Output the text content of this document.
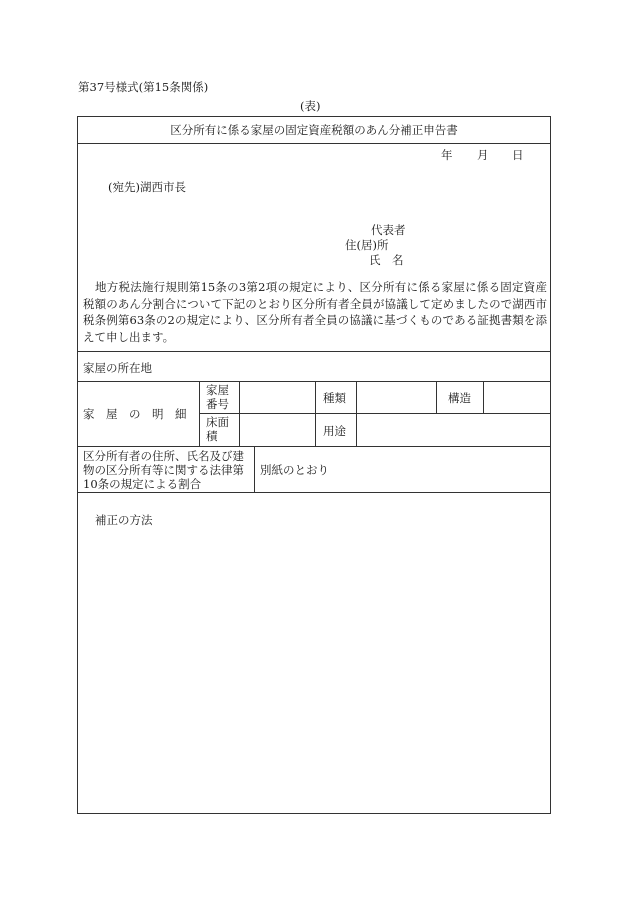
第37号様式(第15条関係)
(表)
区分所有に係る家屋の固定資産税額のあん分補正申告書
年 月 日
(宛先)湖西市長
代表者
住(居)所
氏　名
地方税法施行規則第15条の3第2項の規定により、区分所有に係る家屋に係る固定資産税額のあん分割合について下記のとおり区分所有者全員が協議して定めましたので湖西市税条例第63条の2の規定により、区分所有者全員の協議に基づくものである証拠書類を添えて申し出ます。
家屋の所在地
家　屋　の　明　細
家屋
番号
床面
積
種類
用途
構造
区分所有者の住所、氏名及び建
物の区分所有等に関する法律第
10条の規定による割合
別紙のとおり
補正の方法
